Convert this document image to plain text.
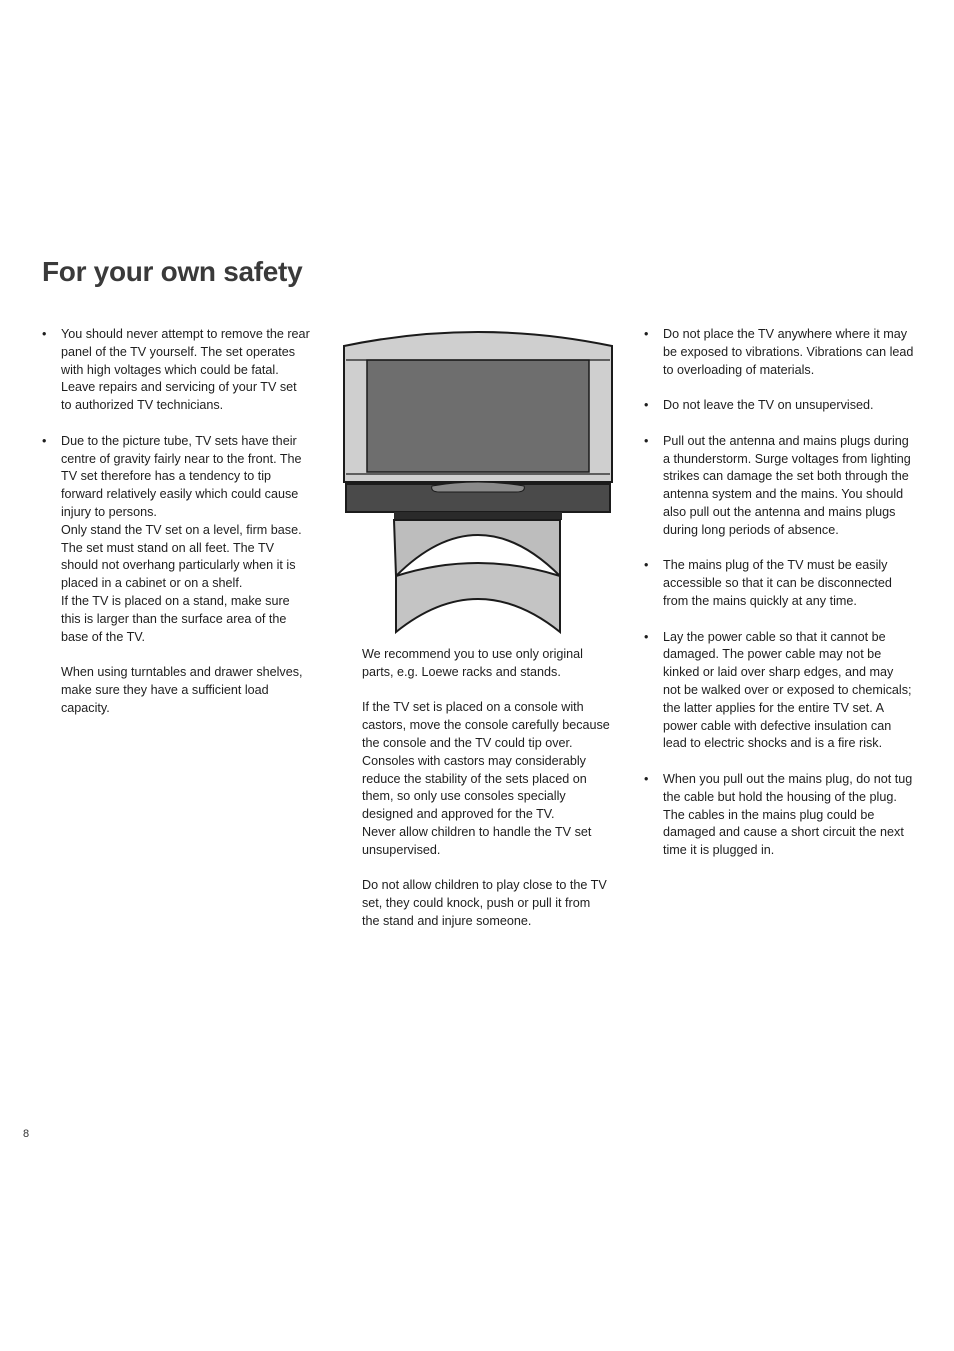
For your own safety
• You should never attempt to remove the rear panel of the TV yourself. The set operates with high voltages which could be fatal. Leave repairs and servicing of your TV set to authorized TV technicians.

• Due to the picture tube, TV sets have their centre of gravity fairly near to the front. The TV set therefore has a tendency to tip forward relatively easily which could cause injury to persons.

Only stand the TV set on a level, firm base. The set must stand on all feet. The TV should not overhang particularly when it is placed in a cabinet or on a shelf.

If the TV is placed on a stand, make sure this is larger than the surface area of the base of the TV.

When using turntables and drawer shelves, make sure they have a sufficient load capacity.

We recommend you to use only original parts, e.g. Loewe racks and stands.

If the TV set is placed on a console with castors, move the console carefully because the console and the TV could tip over.

Consoles with castors may considerably reduce the stability of the sets placed on them, so only use consoles specially designed and approved for the TV.

Never allow children to handle the TV set unsupervised.

Do not allow children to play close to the TV set, they could knock, push or pull it from the stand and injure someone.

• Do not place the TV anywhere where it may be exposed to vibrations. Vibrations can lead to overloading of materials.

• Do not leave the TV on unsupervised.

• Pull out the antenna and mains plugs during a thunderstorm. Surge voltages from lighting strikes can damage the set both through the antenna system and the mains. You should also pull out the antenna and mains plugs during long periods of absence.

• The mains plug of the TV must be easily accessible so that it can be disconnected from the mains quickly at any time.

• Lay the power cable so that it cannot be damaged. The power cable may not be kinked or laid over sharp edges, and may not be walked over or exposed to chemicals; the latter applies for the entire TV set. A power cable with defective insulation can lead to electric shocks and is a fire risk.

• When you pull out the mains plug, do not tug the cable but hold the housing of the plug. The cables in the mains plug could be damaged and cause a short circuit the next time it is plugged in.

8
